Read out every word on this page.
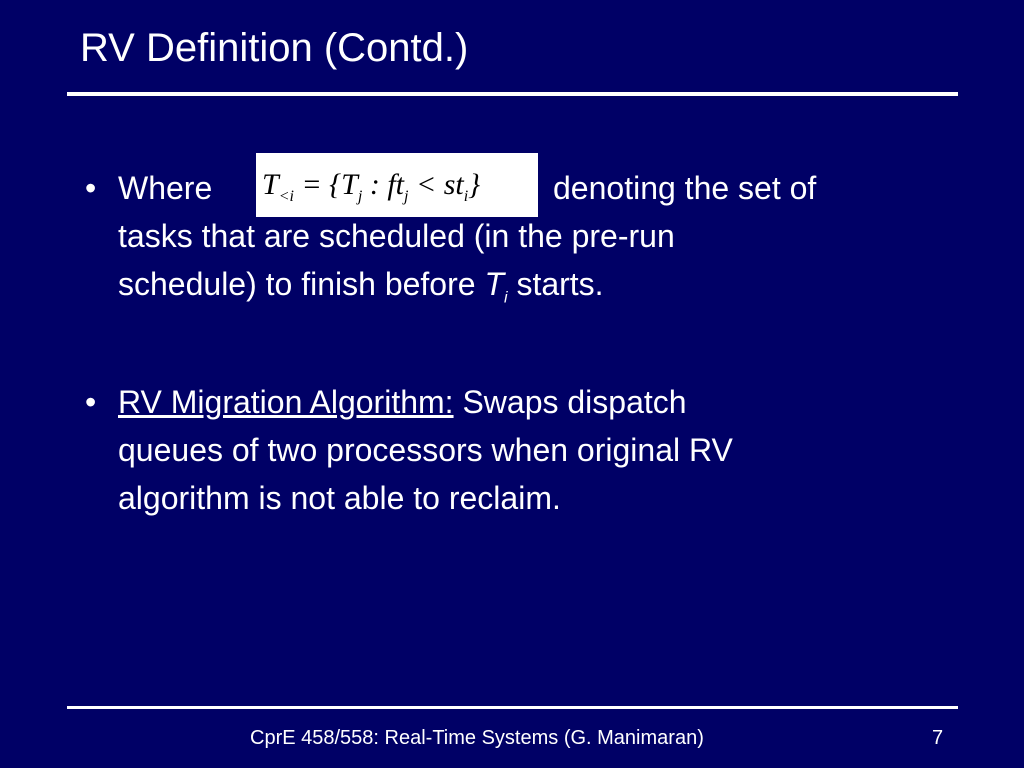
RV Definition (Contd.)
• Where	denoting the set of
tasks that are scheduled (in the pre-run
schedule) to finish before $T_i$ starts.
$T_{<i} = \{T_j$ : $ft_j < st_i$}
• RV Migration Algorithm: Swaps dispatch
queues of two processors when original RV
algorithm is not able to reclaim.
CprE 458/558: Real-Time Systems (G. Manimaran)	7
